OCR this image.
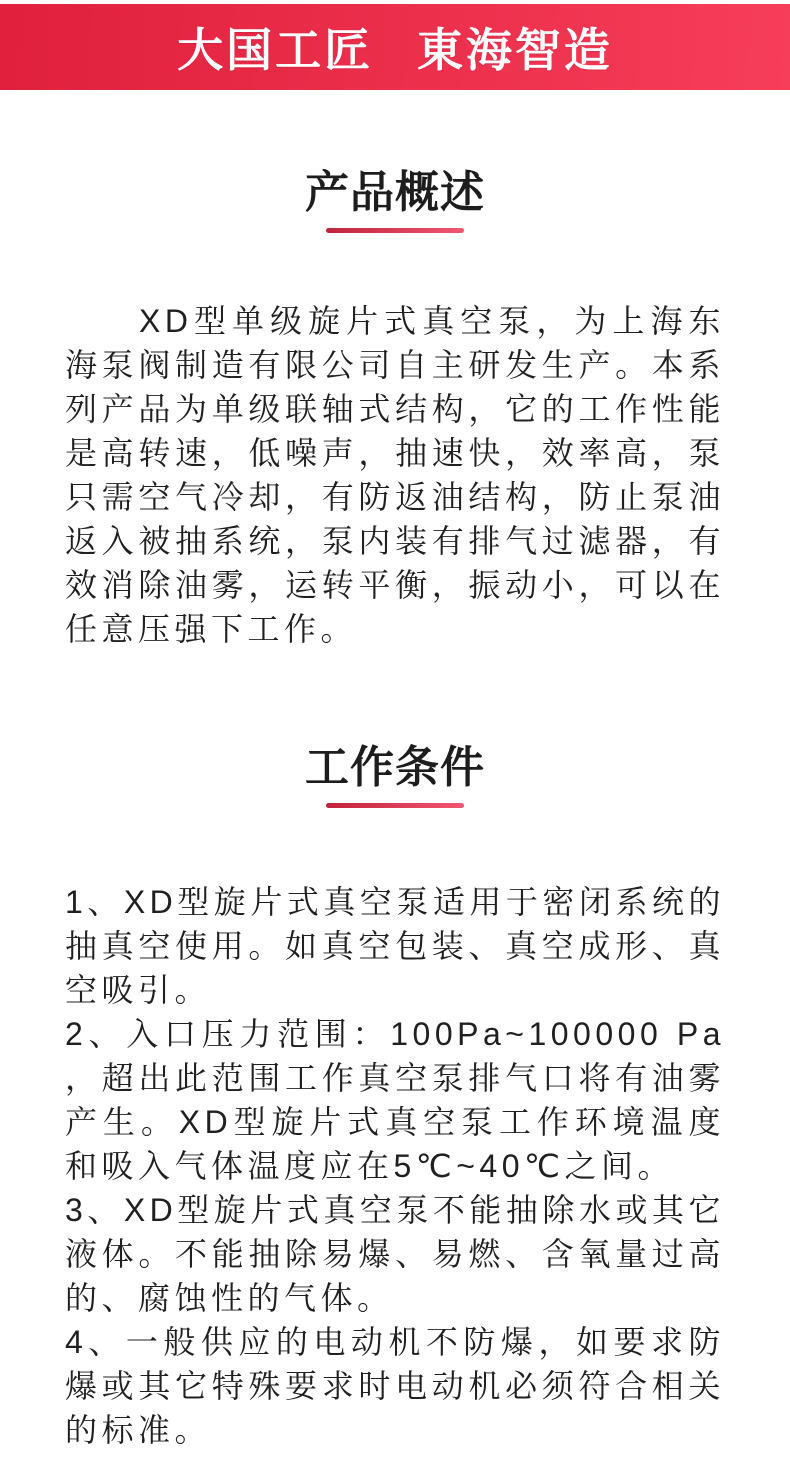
大国工匠 東海智造
产品概述

XD型单级旋片式真空泵，为上海东海泵阀制造有限公司自主研发生产。本系列产品为单级联轴式结构，它的工作性能是高转速，低噪声，抽速快，效率高，泵只需空气冷却，有防返油结构，防止泵油返入被抽系统，泵内装有排气过滤器，有效消除油雾，运转平衡，振动小，可以在任意压强下工作。

工作条件

1、XD型旋片式真空泵适用于密闭系统的抽真空使用。如真空包装、真空成形、真空吸引。

2、入口压力范围：100Pa~100000 Pa，超出此范围工作真空泵排气口将有油雾产生。XD型旋片式真空泵工作环境温度和吸入气体温度应在5℃~40℃之间。

3、XD型旋片式真空泵不能抽除水或其它液体。不能抽除易爆、易燃、含氧量过高的、腐蚀性的气体。

4、一般供应的电动机不防爆，如要求防爆或其它特殊要求时电动机必须符合相关的标准。
